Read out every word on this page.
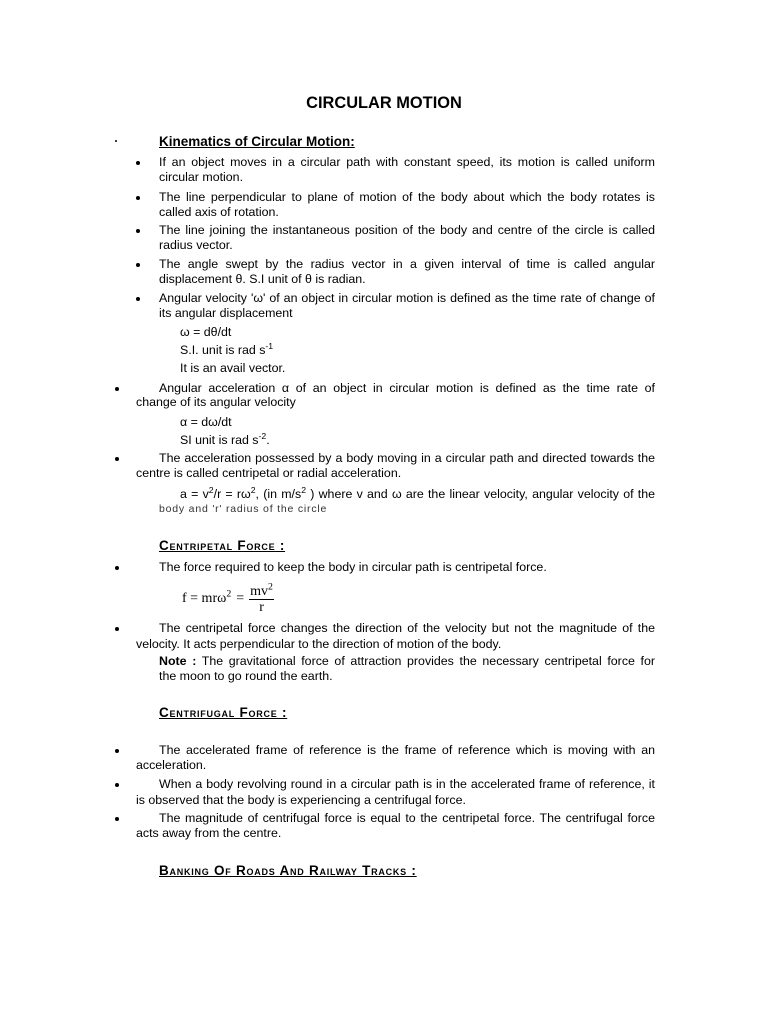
CIRCULAR MOTION
Kinematics of Circular Motion:
If an object moves in a circular path with constant speed, its motion is called uniform
circular motion.
The line perpendicular to plane of motion of the body about which the body rotates is
called axis of rotation.
The line joining the instantaneous position of the body and centre of the circle is called
radius vector.
The angle swept by the radius vector in a given interval of time is called angular
displacement θ. S.I unit of θ is radian.
Angular velocity 'ω' of an object in circular motion is defined as the time rate of change of
its angular displacement
ω = dθ/dt
S.I. unit is rad $s^{-1}$
It is an avail vector.
Angular acceleration α of an object in circular motion is defined as the time rate of
change of its angular velocity
α = dω/dt
SI unit is rad $s^{-2}$.
The acceleration possessed by a body moving in a circular path and directed towards the
centre is called centripetal or radial acceleration.
$a = v^2/r = r\omega^2$, (in $m/s^2$ ) where v and ω are the linear velocity, angular velocity of the
body and 'r' radius of the circle
Centripetal Force :
The force required to keep the body in circular path is centripetal force.
$f = mr\omega^2 = \frac{mv^2}{r}$
The centripetal force changes the direction of the velocity but not the magnitude of the
velocity. It acts perpendicular to the direction of motion of the body.
Note : The gravitational force of attraction provides the necessary centripetal force for
the moon to go round the earth.
Centrifugal Force :
The accelerated frame of reference is the frame of reference which is moving with an
acceleration.
When a body revolving round in a circular path is in the accelerated frame of reference, it
is observed that the body is experiencing a centrifugal force.
The magnitude of centrifugal force is equal to the centripetal force. The centrifugal force
acts away from the centre.
Banking Of Roads And Railway Tracks :
